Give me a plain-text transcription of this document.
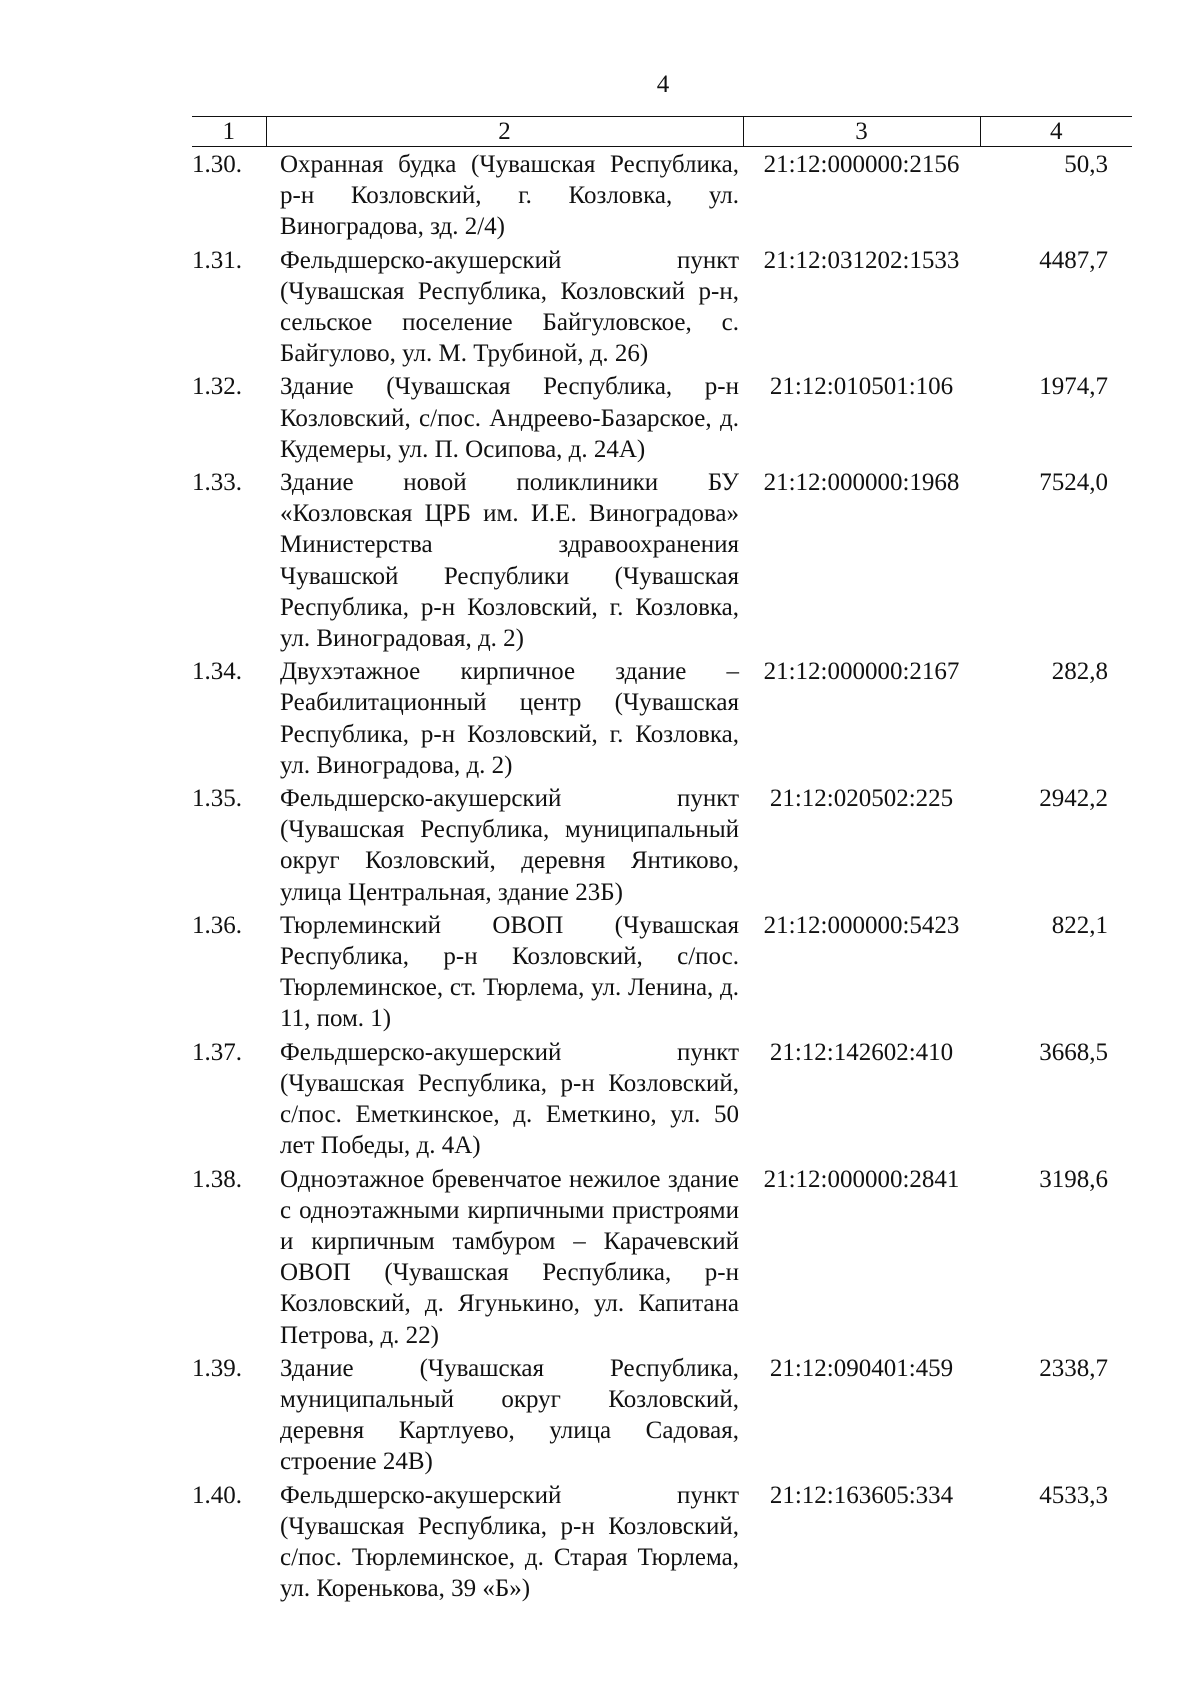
4
1	2	3	4
1.30.	Охранная будка (Чувашская Республика, р-н Козловский, г. Козловка, ул. Виноградова, зд. 2/4)	21:12:000000:2156	50,3
1.31.	Фельдшерско-акушерский пункт (Чувашская Республика, Козловский р-н, сельское поселение Байгуловское, с. Байгулово, ул. М. Трубиной, д. 26)	21:12:031202:1533	4487,7
1.32.	Здание (Чувашская Республика, р-н Козловский, с/пос. Андреево-Базарское, д. Кудемеры, ул. П. Осипова, д. 24А)	21:12:010501:106	1974,7
1.33.	Здание новой поликлиники БУ «Козловская ЦРБ им. И.Е. Виноградова» Министерства здравоохранения Чувашской Республики (Чувашская Республика, р-н Козловский, г. Козловка, ул. Виноградовая, д. 2)	21:12:000000:1968	7524,0
1.34.	Двухэтажное кирпичное здание – Реабилитационный центр (Чувашская Республика, р-н Козловский, г. Козловка, ул. Виноградова, д. 2)	21:12:000000:2167	282,8
1.35.	Фельдшерско-акушерский пункт (Чувашская Республика, муниципальный округ Козловский, деревня Янтиково, улица Центральная, здание 23Б)	21:12:020502:225	2942,2
1.36.	Тюрлеминский ОВОП (Чувашская Республика, р-н Козловский, с/пос. Тюрлеминское, ст. Тюрлема, ул. Ленина, д. 11, пом. 1)	21:12:000000:5423	822,1
1.37.	Фельдшерско-акушерский пункт (Чувашская Республика, р-н Козловский, с/пос. Еметкинское, д. Еметкино, ул. 50 лет Победы, д. 4А)	21:12:142602:410	3668,5
1.38.	Одноэтажное бревенчатое нежилое здание с одноэтажными кирпичными пристроями и кирпичным тамбуром – Карачевский ОВОП (Чувашская Республика, р-н Козловский, д. Ягунькино, ул. Капитана Петрова, д. 22)	21:12:000000:2841	3198,6
1.39.	Здание (Чувашская Республика, муниципальный округ Козловский, деревня Картлуево, улица Садовая, строение 24В)	21:12:090401:459	2338,7
1.40.	Фельдшерско-акушерский пункт (Чувашская Республика, р-н Козловский, с/пос. Тюрлеминское, д. Старая Тюрлема, ул. Коренькова, 39 «Б»)	21:12:163605:334	4533,3
